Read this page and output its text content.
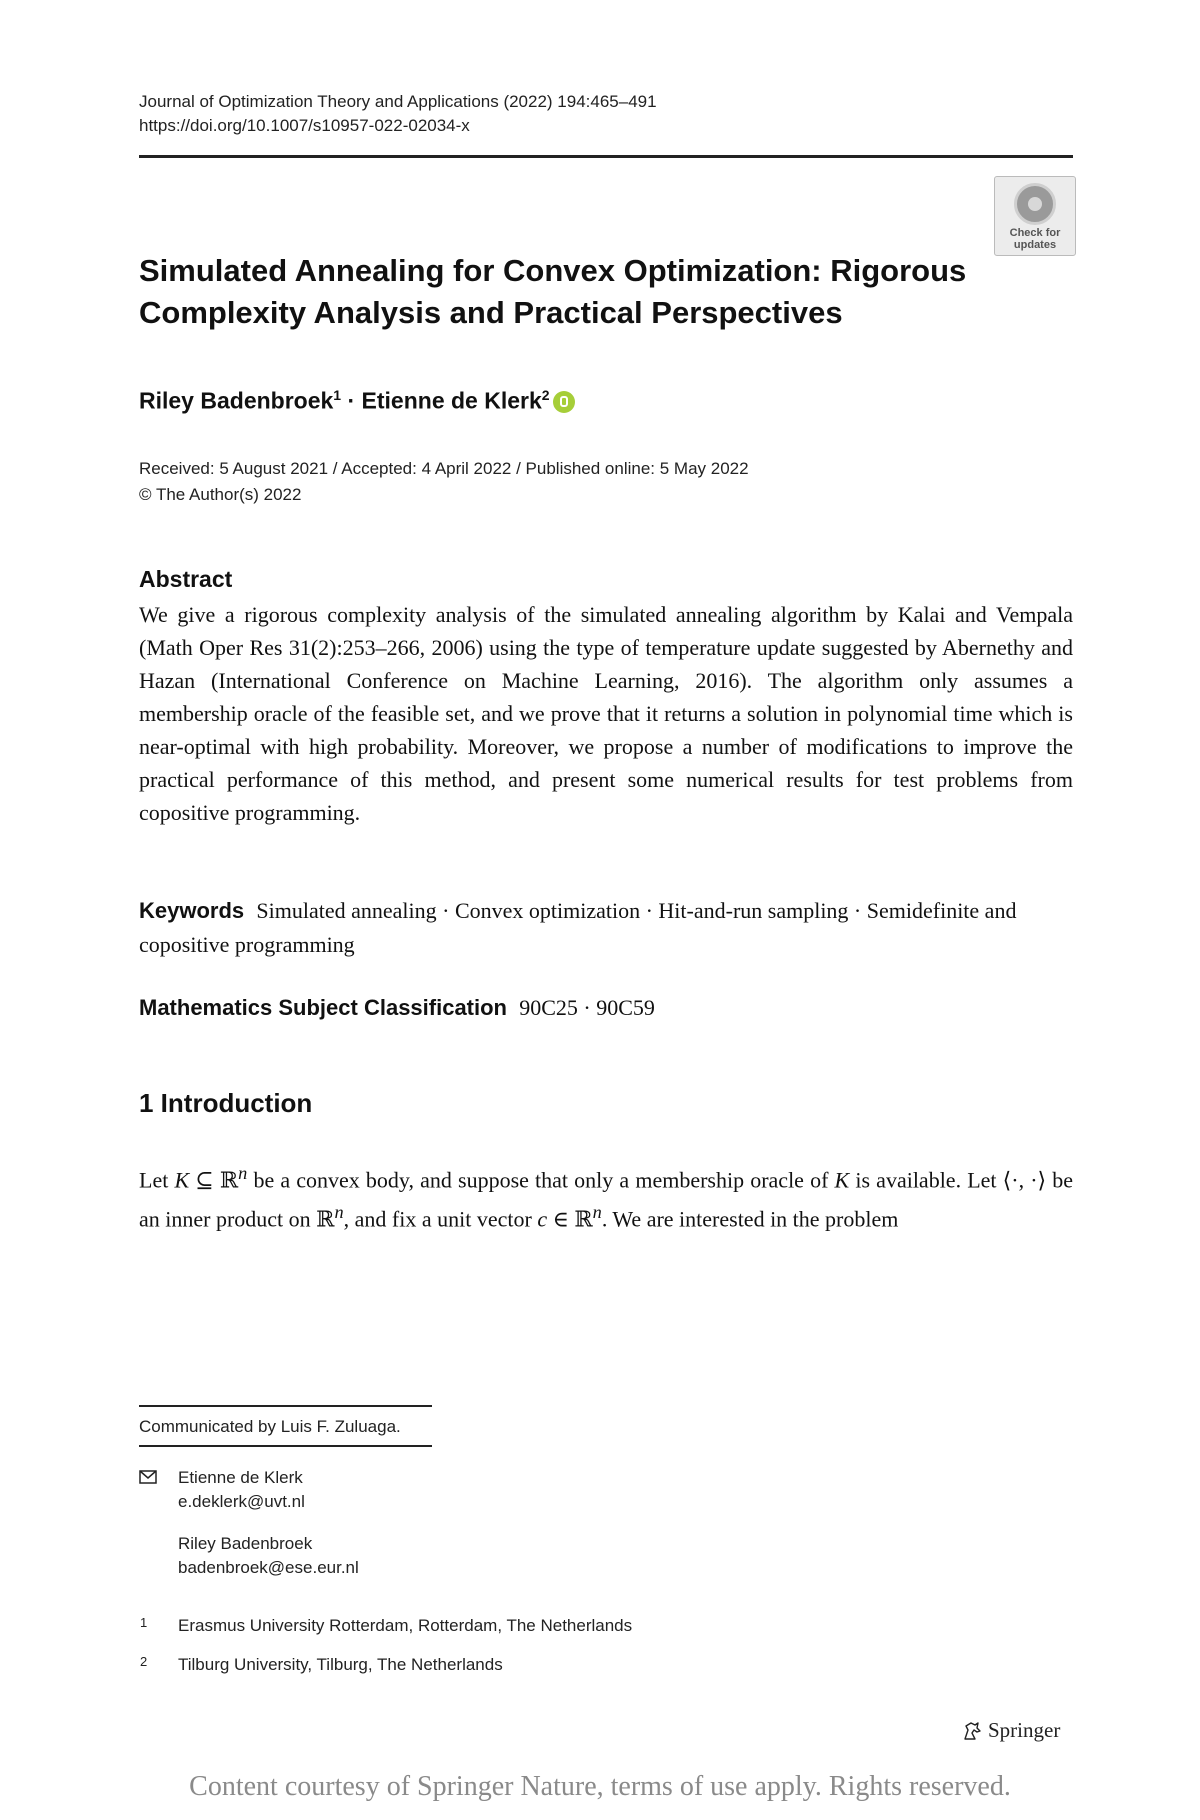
Journal of Optimization Theory and Applications (2022) 194:465–491
https://doi.org/10.1007/s10957-022-02034-x
Check for
updates
Simulated Annealing for Convex Optimization: Rigorous Complexity Analysis and Practical Perspectives
Riley Badenbroek$^1$ · Etienne de Klerk$^2$
Received: 5 August 2021 / Accepted: 4 April 2022 / Published online: 5 May 2022
© The Author(s) 2022
Abstract
We give a rigorous complexity analysis of the simulated annealing algorithm by Kalai and Vempala (Math Oper Res 31(2):253–266, 2006) using the type of temperature update suggested by Abernethy and Hazan (International Conference on Machine Learning, 2016). The algorithm only assumes a membership oracle of the feasible set, and we prove that it returns a solution in polynomial time which is near-optimal with high probability. Moreover, we propose a number of modifications to improve the practical performance of this method, and present some numerical results for test problems from copositive programming.
Keywords Simulated annealing · Convex optimization · Hit-and-run sampling · Semidefinite and copositive programming
Mathematics Subject Classification 90C25 · 90C59
1 Introduction
Let K ⊆ ℝ$^n$ be a convex body, and suppose that only a membership oracle of K is available. Let ⟨·, ·⟩ be an inner product on ℝ$^n$, and fix a unit vector c ∈ ℝ$^n$. We are interested in the problem
Communicated by Luis F. Zuluaga.
Etienne de Klerk
e.deklerk@uvt.nl
Riley Badenbroek
badenbroek@ese.eur.nl
1 Erasmus University Rotterdam, Rotterdam, The Netherlands
2 Tilburg University, Tilburg, The Netherlands
Springer
Content courtesy of Springer Nature, terms of use apply. Rights reserved.
